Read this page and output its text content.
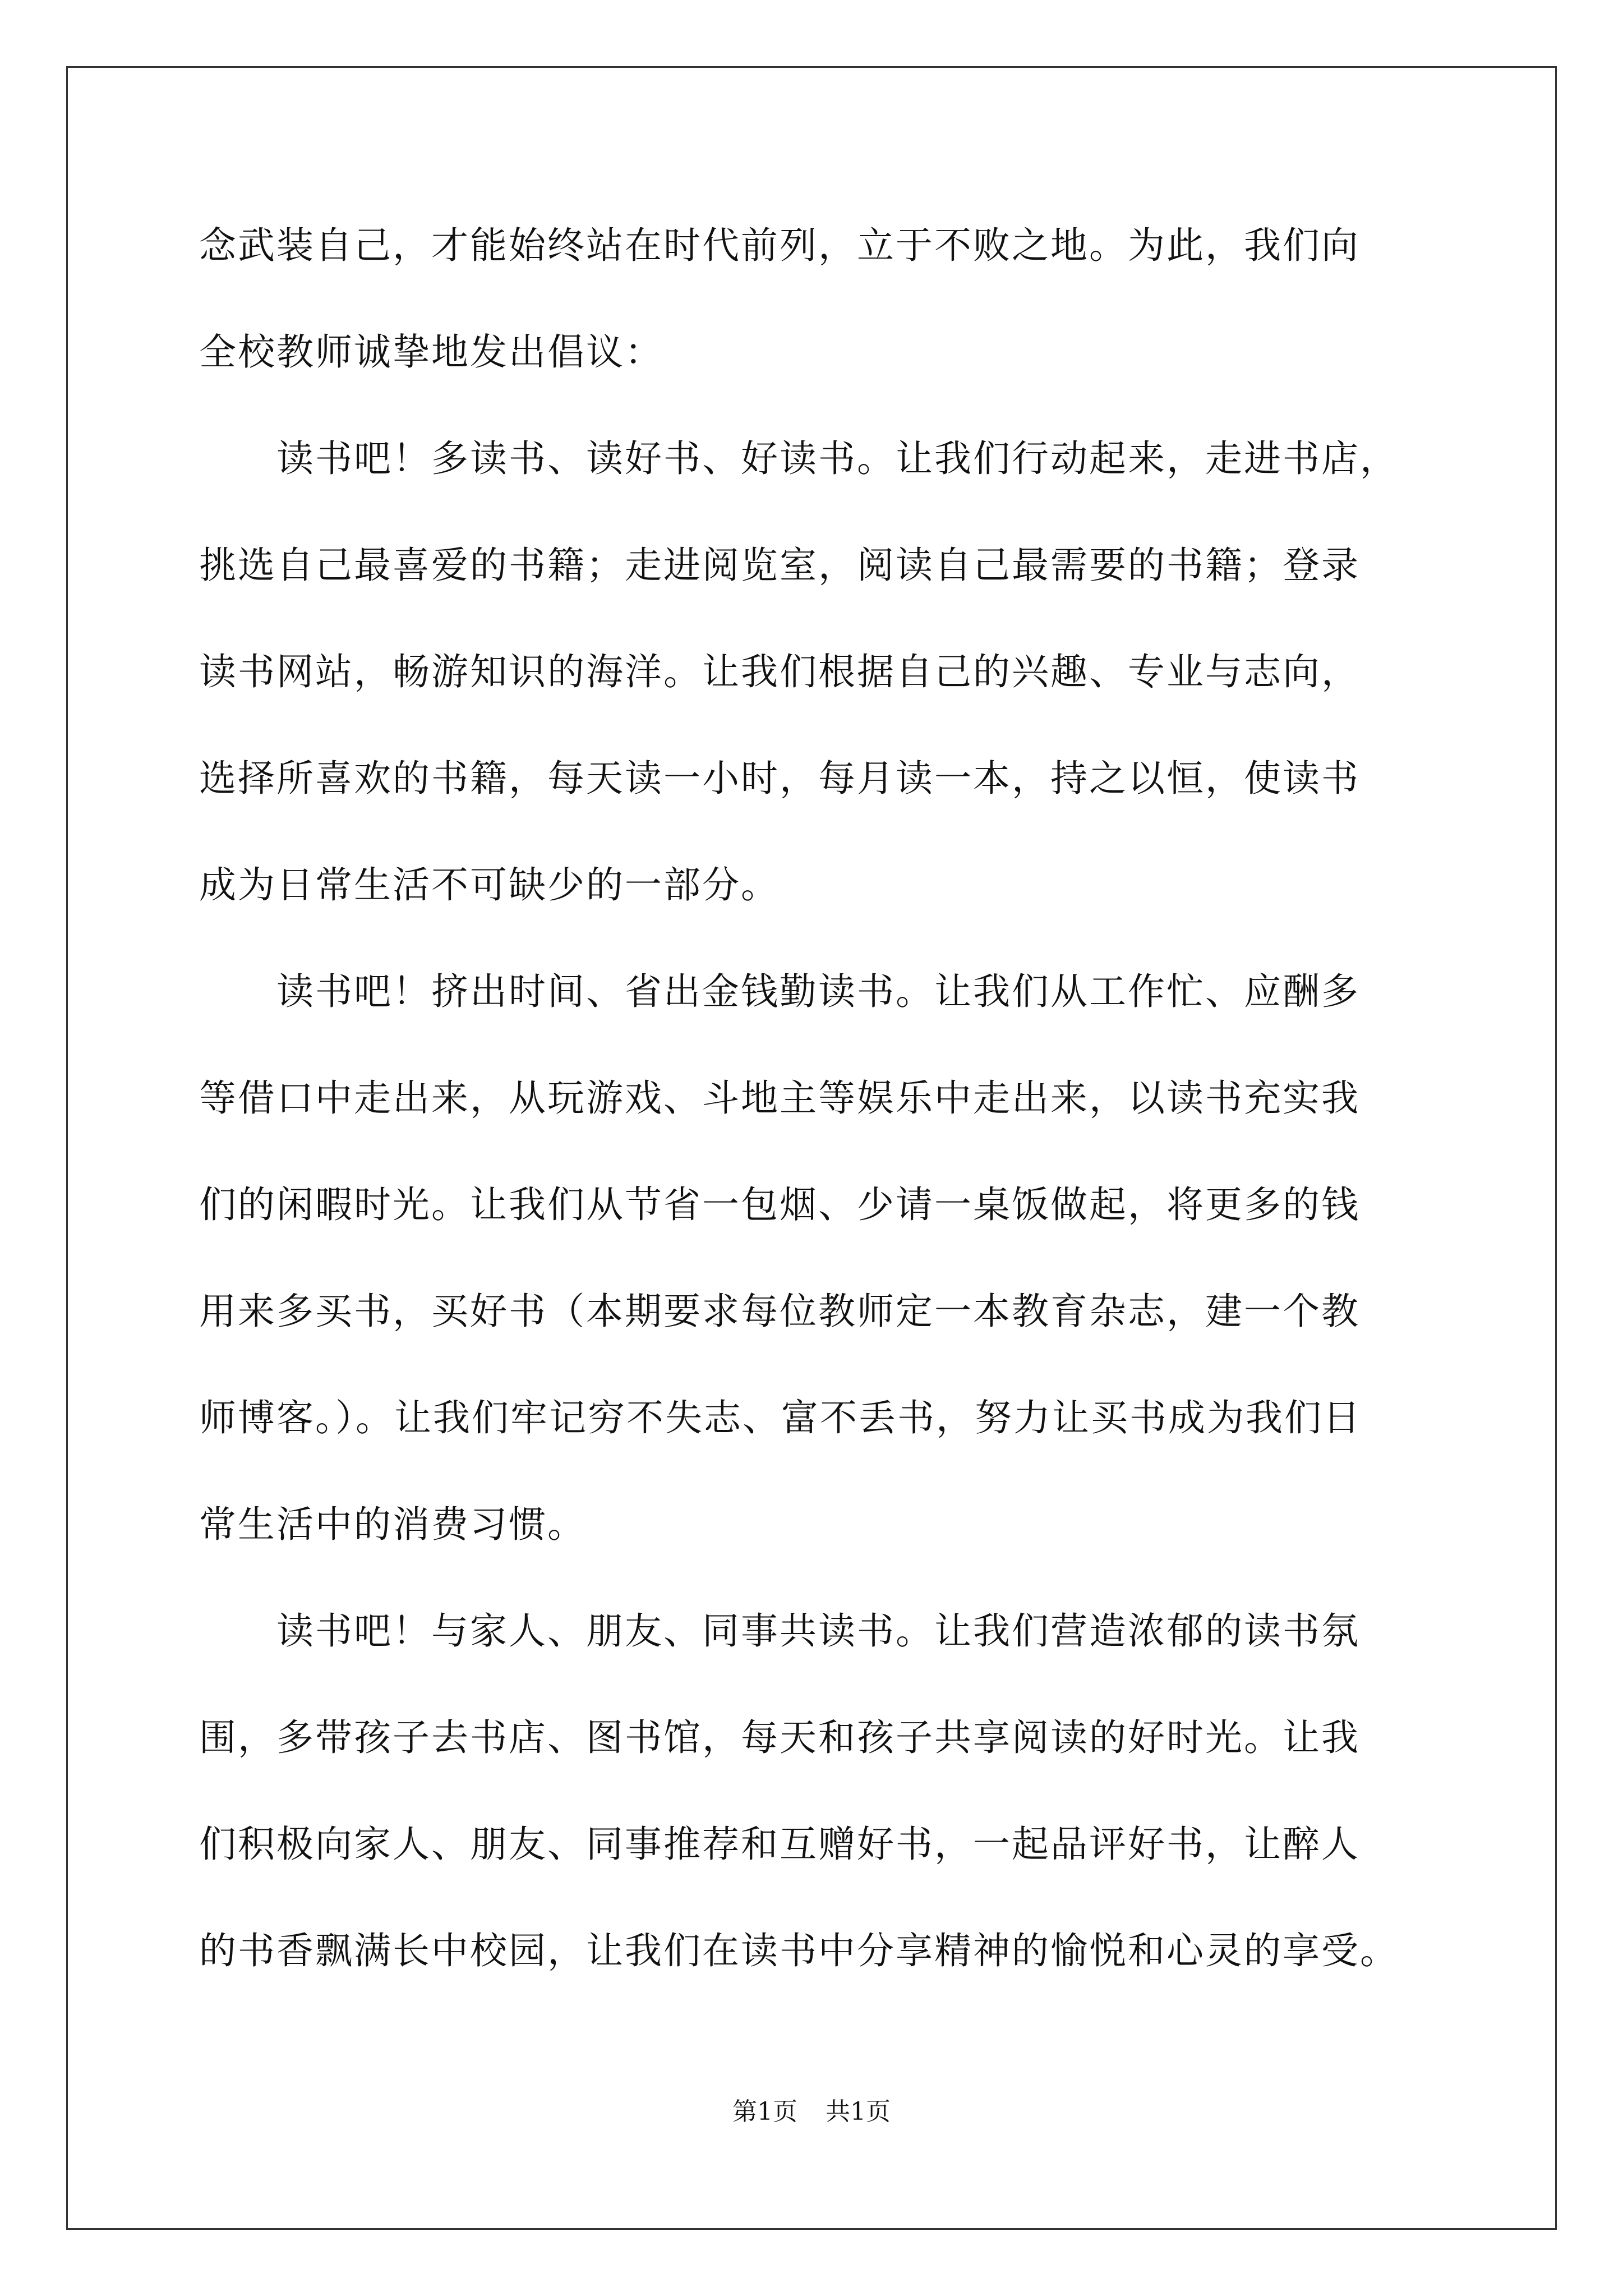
念武装自己，才能始终站在时代前列，立于不败之地。为此，我们向
全校教师诚挚地发出倡议：
　　读书吧！多读书、读好书、好读书。让我们行动起来，走进书店，
挑选自己最喜爱的书籍；走进阅览室，阅读自己最需要的书籍；登录
读书网站，畅游知识的海洋。让我们根据自己的兴趣、专业与志向，
选择所喜欢的书籍，每天读一小时，每月读一本，持之以恒，使读书
成为日常生活不可缺少的一部分。
　　读书吧！挤出时间、省出金钱勤读书。让我们从工作忙、应酬多
等借口中走出来，从玩游戏、斗地主等娱乐中走出来，以读书充实我
们的闲暇时光。让我们从节省一包烟、少请一桌饭做起，将更多的钱
用来多买书，买好书（本期要求每位教师定一本教育杂志，建一个教
师博客。）。让我们牢记穷不失志、富不丢书，努力让买书成为我们日
常生活中的消费习惯。
　　读书吧！与家人、朋友、同事共读书。让我们营造浓郁的读书氛
围，多带孩子去书店、图书馆，每天和孩子共享阅读的好时光。让我
们积极向家人、朋友、同事推荐和互赠好书，一起品评好书，让醉人
的书香飘满长中校园，让我们在读书中分享精神的愉悦和心灵的享受。
第1页 共1页
